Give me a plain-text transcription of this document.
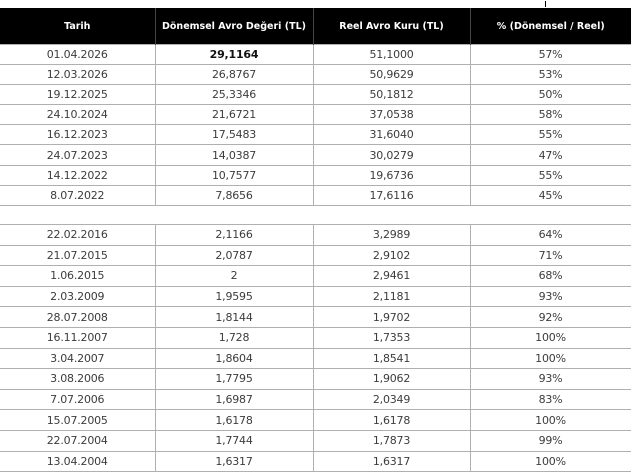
Tarih	Dönemsel Avro Değeri (TL)	Reel Avro Kuru (TL)	% (Dönemsel / Reel)
01.04.2026	29,1164	51,1000	57%
12.03.2026	26,8767	50,9629	53%
19.12.2025	25,3346	50,1812	50%
24.10.2024	21,6721	37,0538	58%
16.12.2023	17,5483	31,6040	55%
24.07.2023	14,0387	30,0279	47%
14.12.2022	10,7577	19,6736	55%
8.07.2022	7,8656	17,6116	45%
22.02.2016	2,1166	3,2989	64%
21.07.2015	2,0787	2,9102	71%
1.06.2015	2	2,9461	68%
2.03.2009	1,9595	2,1181	93%
28.07.2008	1,8144	1,9702	92%
16.11.2007	1,728	1,7353	100%
3.04.2007	1,8604	1,8541	100%
3.08.2006	1,7795	1,9062	93%
7.07.2006	1,6987	2,0349	83%
15.07.2005	1,6178	1,6178	100%
22.07.2004	1,7744	1,7873	99%
13.04.2004	1,6317	1,6317	100%
